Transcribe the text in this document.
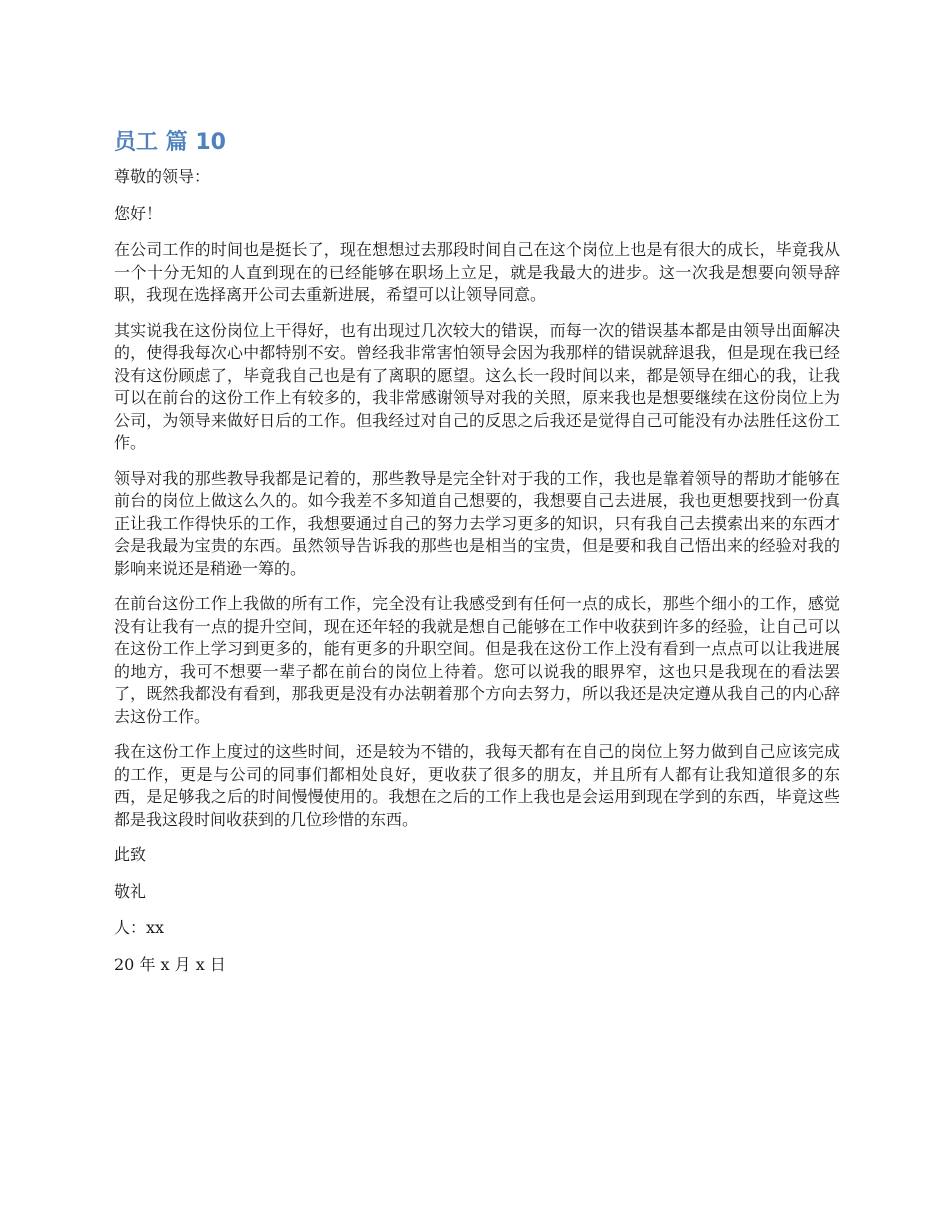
员工 篇 10

尊敬的领导：

您好！

在公司工作的时间也是挺长了，现在想想过去那段时间自己在这个岗位上也是有很大的成长，毕竟我从一个十分无知的人直到现在的已经能够在职场上立足，就是我最大的进步。这一次我是想要向领导辞职，我现在选择离开公司去重新进展，希望可以让领导同意。

其实说我在这份岗位上干得好，也有出现过几次较大的错误，而每一次的错误基本都是由领导出面解决的，使得我每次心中都特别不安。曾经我非常害怕领导会因为我那样的错误就辞退我，但是现在我已经没有这份顾虑了，毕竟我自己也是有了离职的愿望。这么长一段时间以来，都是领导在细心的我，让我可以在前台的这份工作上有较多的，我非常感谢领导对我的关照，原来我也是想要继续在这份岗位上为公司，为领导来做好日后的工作。但我经过对自己的反思之后我还是觉得自己可能没有办法胜任这份工作。

领导对我的那些教导我都是记着的，那些教导是完全针对于我的工作，我也是靠着领导的帮助才能够在前台的岗位上做这么久的。如今我差不多知道自己想要的，我想要自己去进展，我也更想要找到一份真正让我工作得快乐的工作，我想要通过自己的努力去学习更多的知识，只有我自己去摸索出来的东西才会是我最为宝贵的东西。虽然领导告诉我的那些也是相当的宝贵，但是要和我自己悟出来的经验对我的影响来说还是稍逊一筹的。

在前台这份工作上我做的所有工作，完全没有让我感受到有任何一点的成长，那些个细小的工作，感觉没有让我有一点的提升空间，现在还年轻的我就是想自己能够在工作中收获到许多的经验，让自己可以在这份工作上学习到更多的，能有更多的升职空间。但是我在这份工作上没有看到一点点可以让我进展的地方，我可不想要一辈子都在前台的岗位上待着。您可以说我的眼界窄，这也只是我现在的看法罢了，既然我都没有看到，那我更是没有办法朝着那个方向去努力，所以我还是决定遵从我自己的内心辞去这份工作。

我在这份工作上度过的这些时间，还是较为不错的，我每天都有在自己的岗位上努力做到自己应该完成的工作，更是与公司的同事们都相处良好，更收获了很多的朋友，并且所有人都有让我知道很多的东西，是足够我之后的时间慢慢使用的。我想在之后的工作上我也是会运用到现在学到的东西，毕竟这些都是我这段时间收获到的几位珍惜的东西。

此致

敬礼

人：xx

20 年 x 月 x 日
